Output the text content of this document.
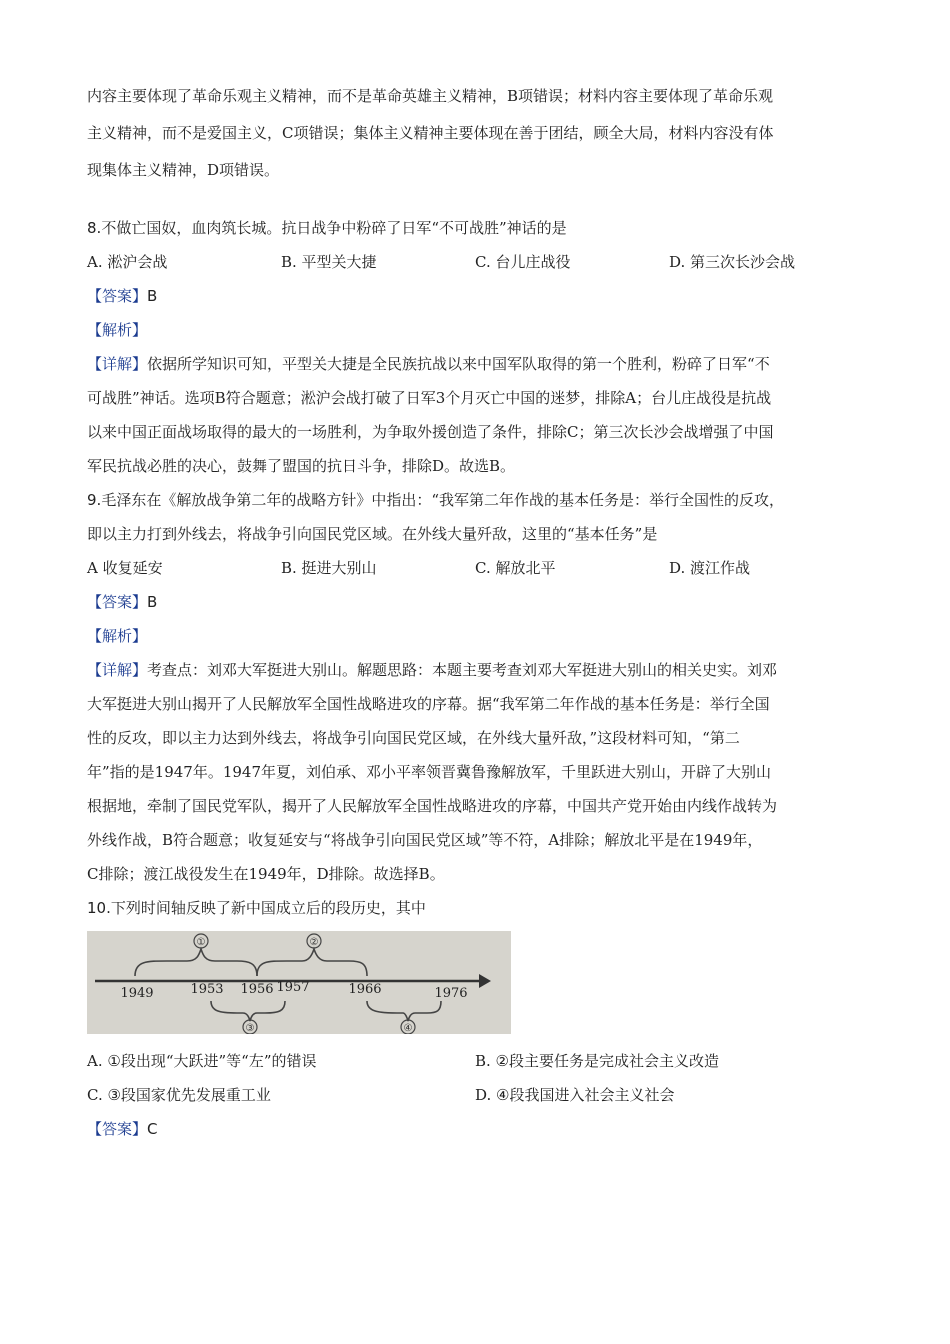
内容主要体现了革命乐观主义精神，而不是革命英雄主义精神，B项错误；材料内容主要体现了革命乐观

主义精神，而不是爱国主义，C项错误；集体主义精神主要体现在善于团结，顾全大局，材料内容没有体

现集体主义精神，D项错误。

8.不做亡国奴，血肉筑长城。抗日战争中粉碎了日军“不可战胜”神话的是

A. 淞沪会战	B. 平型关大捷	C. 台儿庄战役	D. 第三次长沙会战
【答案】B
【解析】

【详解】依据所学知识可知，平型关大捷是全民族抗战以来中国军队取得的第一个胜利，粉碎了日军“不

可战胜”神话。选项B符合题意；淞沪会战打破了日军3个月灭亡中国的迷梦，排除A；台儿庄战役是抗战

以来中国正面战场取得的最大的一场胜利，为争取外援创造了条件，排除C；第三次长沙会战增强了中国

军民抗战必胜的决心，鼓舞了盟国的抗日斗争，排除D。故选B。

9.毛泽东在《解放战争第二年的战略方针》中指出：“我军第二年作战的基本任务是：举行全国性的反攻，

即以主力打到外线去，将战争引向国民党区域。在外线大量歼敌，这里的“基本任务”是

A 收复延安	B. 挺进大别山	C. 解放北平	D. 渡江作战
【答案】B
【解析】

【详解】考查点：刘邓大军挺进大别山。解题思路：本题主要考查刘邓大军挺进大别山的相关史实。刘邓

大军挺进大别山揭开了人民解放军全国性战略进攻的序幕。据“我军第二年作战的基本任务是：举行全国

性的反攻，即以主力达到外线去，将战争引向国民党区域，在外线大量歼敌，”这段材料可知，“第二

年”指的是1947年。1947年夏，刘伯承、邓小平率领晋冀鲁豫解放军，千里跃进大别山，开辟了大别山

根据地，牵制了国民党军队，揭开了人民解放军全国性战略进攻的序幕，中国共产党开始由内线作战转为

外线作战，B符合题意；收复延安与“将战争引向国民党区域”等不符，A排除；解放北平是在1949年，

C排除；渡江战役发生在1949年，D排除。故选择B。

10.下列时间轴反映了新中国成立后的段历史，其中

①	②
③	④
1949	1953 1956 1957	1966	1976
A. ①段出现“大跃进”等“左”的错误	B. ②段主要任务是完成社会主义改造
C. ③段国家优先发展重工业	D. ④段我国进入社会主义社会
【答案】C
